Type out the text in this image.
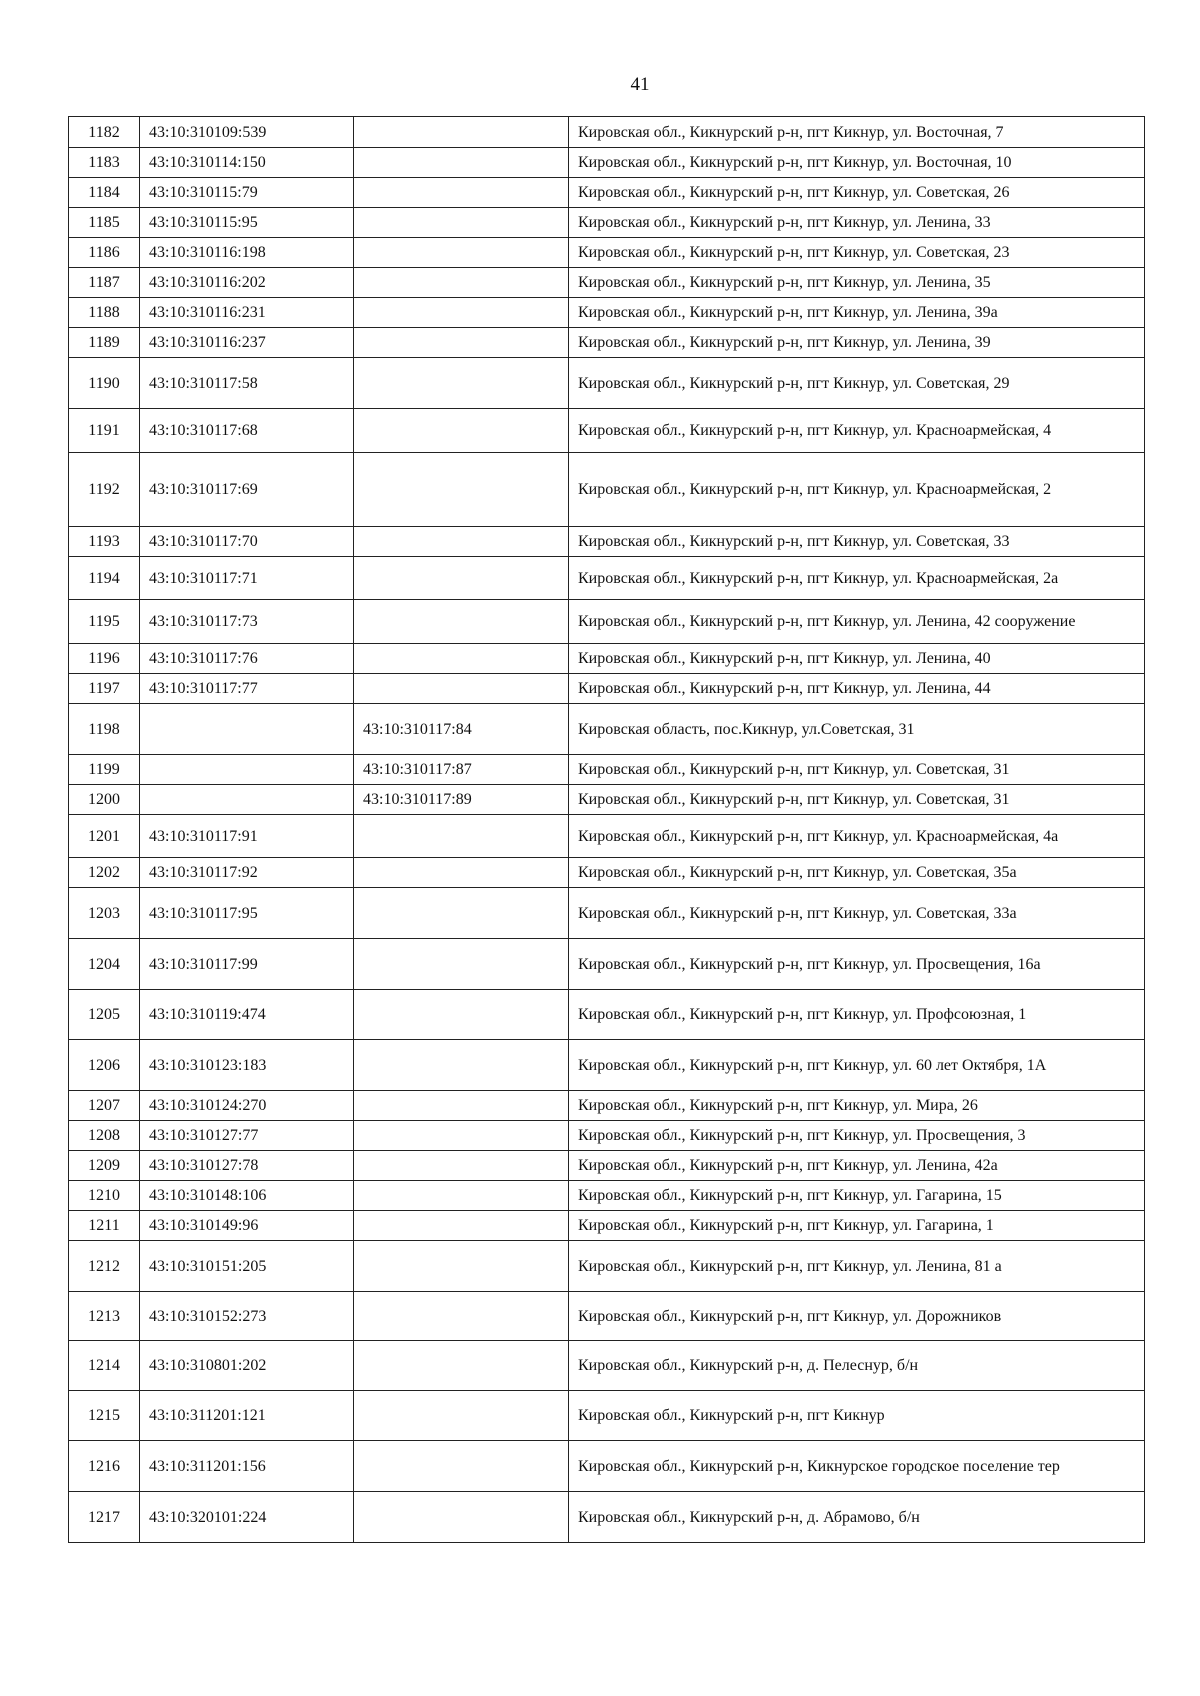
41
1182	43:10:310109:539		Кировская обл., Кикнурский р-н, пгт Кикнур, ул. Восточная, 7
1183	43:10:310114:150		Кировская обл., Кикнурский р-н, пгт Кикнур, ул. Восточная, 10
1184	43:10:310115:79		Кировская обл., Кикнурский р-н, пгт Кикнур, ул. Советская, 26
1185	43:10:310115:95		Кировская обл., Кикнурский р-н, пгт Кикнур, ул. Ленина, 33
1186	43:10:310116:198		Кировская обл., Кикнурский р-н, пгт Кикнур, ул. Советская, 23
1187	43:10:310116:202		Кировская обл., Кикнурский р-н, пгт Кикнур, ул. Ленина, 35
1188	43:10:310116:231		Кировская обл., Кикнурский р-н, пгт Кикнур, ул. Ленина, 39а
1189	43:10:310116:237		Кировская обл., Кикнурский р-н, пгт Кикнур, ул. Ленина, 39
1190	43:10:310117:58		Кировская обл., Кикнурский р-н, пгт Кикнур, ул. Советская, 29
1191	43:10:310117:68		Кировская обл., Кикнурский р-н, пгт Кикнур, ул. Красноармейская, 4
1192	43:10:310117:69		Кировская обл., Кикнурский р-н, пгт Кикнур, ул. Красноармейская, 2
1193	43:10:310117:70		Кировская обл., Кикнурский р-н, пгт Кикнур, ул. Советская, 33
1194	43:10:310117:71		Кировская обл., Кикнурский р-н, пгт Кикнур, ул. Красноармейская, 2а
1195	43:10:310117:73		Кировская обл., Кикнурский р-н, пгт Кикнур, ул. Ленина, 42 сооружение
1196	43:10:310117:76		Кировская обл., Кикнурский р-н, пгт Кикнур, ул. Ленина, 40
1197	43:10:310117:77		Кировская обл., Кикнурский р-н, пгт Кикнур, ул. Ленина, 44
1198		43:10:310117:84	Кировская область, пос.Кикнур, ул.Советская, 31
1199		43:10:310117:87	Кировская обл., Кикнурский р-н, пгт Кикнур, ул. Советская, 31
1200		43:10:310117:89	Кировская обл., Кикнурский р-н, пгт Кикнур, ул. Советская, 31
1201	43:10:310117:91		Кировская обл., Кикнурский р-н, пгт Кикнур, ул. Красноармейская, 4а
1202	43:10:310117:92		Кировская обл., Кикнурский р-н, пгт Кикнур, ул. Советская, 35а
1203	43:10:310117:95		Кировская обл., Кикнурский р-н, пгт Кикнур, ул. Советская, 33а
1204	43:10:310117:99		Кировская обл., Кикнурский р-н, пгт Кикнур, ул. Просвещения, 16а
1205	43:10:310119:474		Кировская обл., Кикнурский р-н, пгт Кикнур, ул. Профсоюзная, 1
1206	43:10:310123:183		Кировская обл., Кикнурский р-н, пгт Кикнур, ул. 60 лет Октября, 1А
1207	43:10:310124:270		Кировская обл., Кикнурский р-н, пгт Кикнур, ул. Мира, 26
1208	43:10:310127:77		Кировская обл., Кикнурский р-н, пгт Кикнур, ул. Просвещения, 3
1209	43:10:310127:78		Кировская обл., Кикнурский р-н, пгт Кикнур, ул. Ленина, 42а
1210	43:10:310148:106		Кировская обл., Кикнурский р-н, пгт Кикнур, ул. Гагарина, 15
1211	43:10:310149:96		Кировская обл., Кикнурский р-н, пгт Кикнур, ул. Гагарина, 1
1212	43:10:310151:205		Кировская обл., Кикнурский р-н, пгт Кикнур, ул. Ленина, 81 а
1213	43:10:310152:273		Кировская обл., Кикнурский р-н, пгт Кикнур, ул. Дорожников
1214	43:10:310801:202		Кировская обл., Кикнурский р-н, д. Пелеснур, б/н
1215	43:10:311201:121		Кировская обл., Кикнурский р-н, пгт Кикнур
1216	43:10:311201:156		Кировская обл., Кикнурский р-н, Кикнурское городское поселение тер
1217	43:10:320101:224		Кировская обл., Кикнурский р-н, д. Абрамово, б/н
